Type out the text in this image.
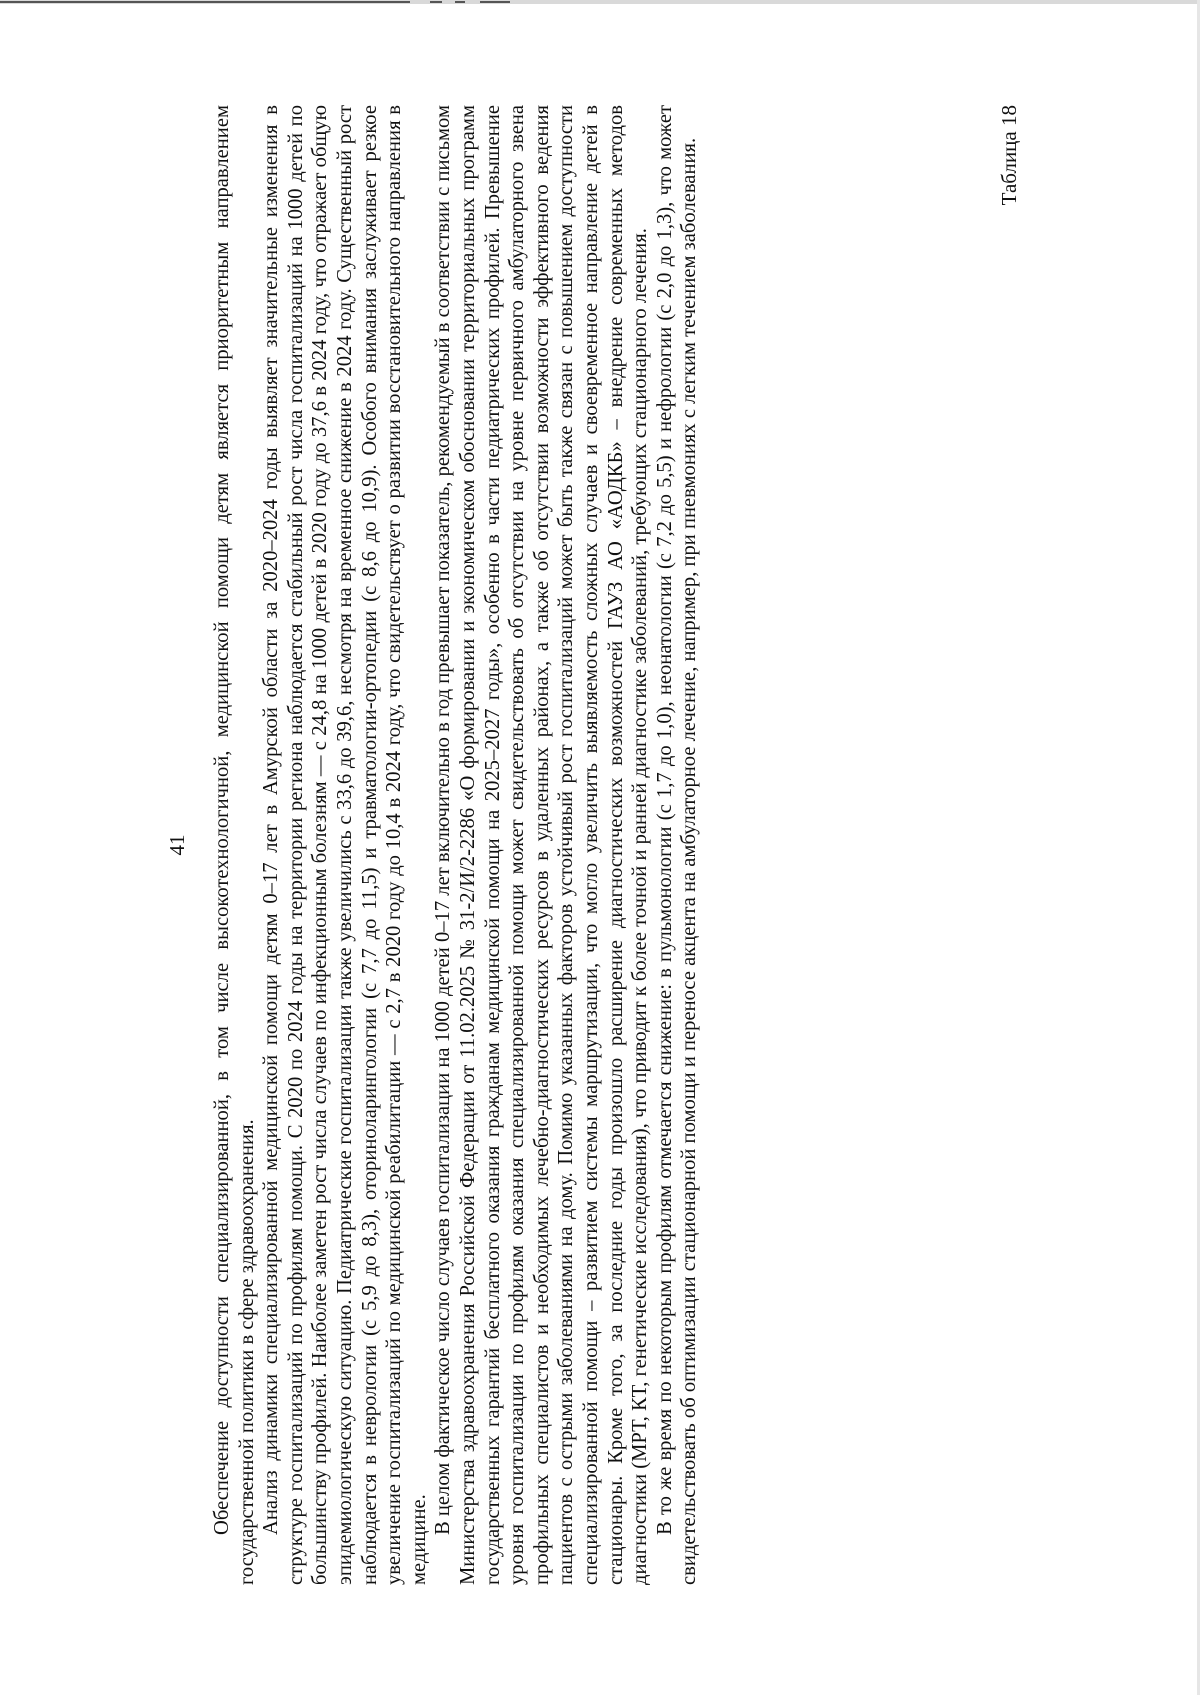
41 Обеспечение доступности специализированной, в том числе высокотехнологичной, медицинской помощи детям является приоритетным направлением государственной политики в сфере здравоохранения. Анализ динамики специализированной медицинской помощи детям 0–17 лет в Амурской области за 2020–2024 годы выявляет значительные изменения в структуре госпитализаций по профилям помощи. С 2020 по 2024 годы на территории региона наблюдается стабильный рост числа госпитализаций на 1000 детей по большинству профилей. Наиболее заметен рост числа случаев по инфекционным болезням — с 24,8 на 1000 детей в 2020 году до 37,6 в 2024 году, что отражает общую эпидемиологическую ситуацию. Педиатрические госпитализации также увеличились с 33,6 до 39,6, несмотря на временное снижение в 2024 году. Существенный рост наблюдается в неврологии (с 5,9 до 8,3), оториноларингологии (с 7,7 до 11,5) и травматологии-ортопедии (с 8,6 до 10,9). Особого внимания заслуживает резкое увеличение госпитализаций по медицинской реабилитации — с 2,7 в 2020 году до 10,4 в 2024 году, что свидетельствует о развитии восстановительного направления в медицине.

В целом фактическое число случаев госпитализации на 1000 детей 0–17 лет включительно в год превышает показатель, рекомендуемый в соответствии с письмом Министерства здравоохранения Российской Федерации от 11.02.2025 № 31-2/И/2-2286 «О формировании и экономическом обосновании территориальных программ государственных гарантий бесплатного оказания гражданам медицинской помощи на 2025–2027 годы», особенно в части педиатрических профилей. Превышение уровня госпитализации по профилям оказания специализированной помощи может свидетельствовать об отсутствии на уровне первичного амбулаторного звена профильных специалистов и необходимых лечебно-диагностических ресурсов в удаленных районах, а также об отсутствии возможности эффективного ведения пациентов с острыми заболеваниями на дому. Помимо указанных факторов устойчивый рост госпитализаций может быть также связан с повышением доступности специализированной помощи – развитием системы маршрутизации, что могло увеличить выявляемость сложных случаев и своевременное направление детей в стационары. Кроме того, за последние годы произошло расширение диагностических возможностей ГАУЗ АО «АОДКБ» – внедрение современных методов диагностики (МРТ, КТ, генетические исследования), что приводит к более точной и ранней диагностике заболеваний, требующих стационарного лечения. В то же время по некоторым профилям отмечается снижение: в пульмонологии (с 1,7 до 1,0), неонатологии (с 7,2 до 5,5) и нефрологии (с 2,0 до 1,3), что может свидетельствовать об оптимизации стационарной помощи и переносе акцента на амбулаторное лечение, например, при пневмониях с легким течением заболевания.	Таблица 18
